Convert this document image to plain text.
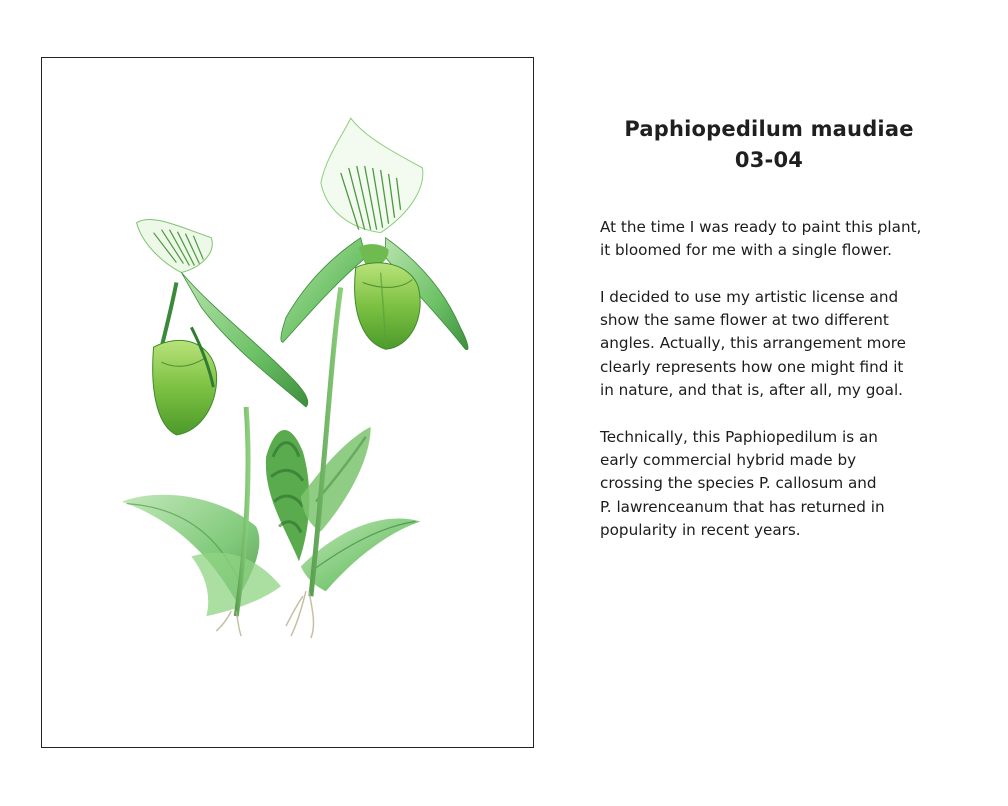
Paphiopedilum maudiae
03-04

At the time I was ready to paint this plant,
it bloomed for me with a single flower.

I decided to use my artistic license and
show the same flower at two different
angles. Actually, this arrangement more
clearly represents how one might find it
in nature, and that is, after all, my goal.

Technically, this Paphiopedilum is an
early commercial hybrid made by
crossing the species P. callosum and
P. lawrenceanum that has returned in
popularity in recent years.
